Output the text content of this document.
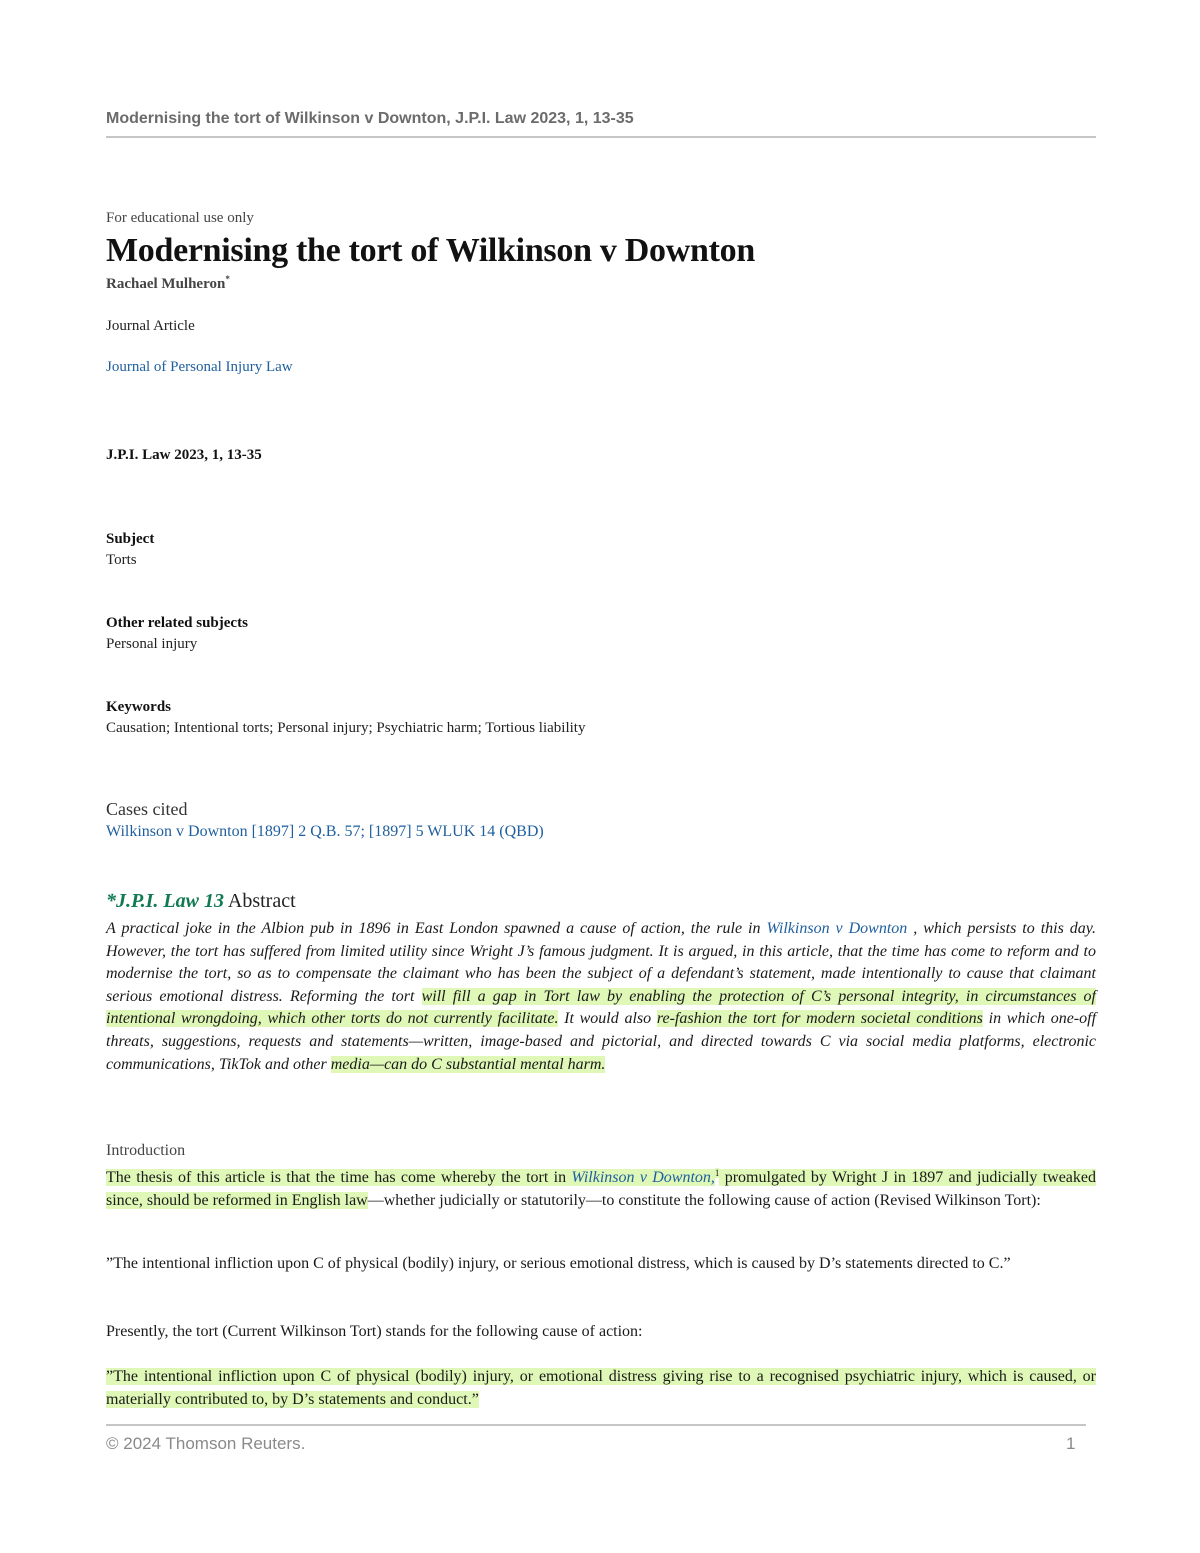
Modernising the tort of Wilkinson v Downton, J.P.I. Law 2023, 1, 13-35
For educational use only
Modernising the tort of Wilkinson v Downton
Rachael Mulheron*
Journal Article
Journal of Personal Injury Law
J.P.I. Law 2023, 1, 13-35
Subject
Torts
Other related subjects
Personal injury
Keywords
Causation; Intentional torts; Personal injury; Psychiatric harm; Tortious liability
Cases cited
Wilkinson v Downton [1897] 2 Q.B. 57; [1897] 5 WLUK 14 (QBD)
*J.P.I. Law 13 Abstract
A practical joke in the Albion pub in 1896 in East London spawned a cause of action, the rule in Wilkinson v Downton , which persists to this day. However, the tort has suffered from limited utility since Wright J’s famous judgment. It is argued, in this article, that the time has come to reform and to modernise the tort, so as to compensate the claimant who has been the subject of a defendant’s statement, made intentionally to cause that claimant serious emotional distress. Reforming the tort will fill a gap in Tort law by enabling the protection of C’s personal integrity, in circumstances of intentional wrongdoing, which other torts do not currently facilitate. It would also re-fashion the tort for modern societal conditions in which one-off threats, suggestions, requests and statements—written, image-based and pictorial, and directed towards C via social media platforms, electronic communications, TikTok and other media—can do C substantial mental harm.
Introduction
The thesis of this article is that the time has come whereby the tort in Wilkinson v Downton,$^1$ promulgated by Wright J in 1897 and judicially tweaked since, should be reformed in English law—whether judicially or statutorily—to constitute the following cause of action (Revised Wilkinson Tort):
”The intentional infliction upon C of physical (bodily) injury, or serious emotional distress, which is caused by D’s statements directed to C.”
Presently, the tort (Current Wilkinson Tort) stands for the following cause of action:
”The intentional infliction upon C of physical (bodily) injury, or emotional distress giving rise to a recognised psychiatric injury, which is caused, or materially contributed to, by D’s statements and conduct.”
© 2024 Thomson Reuters.	1
